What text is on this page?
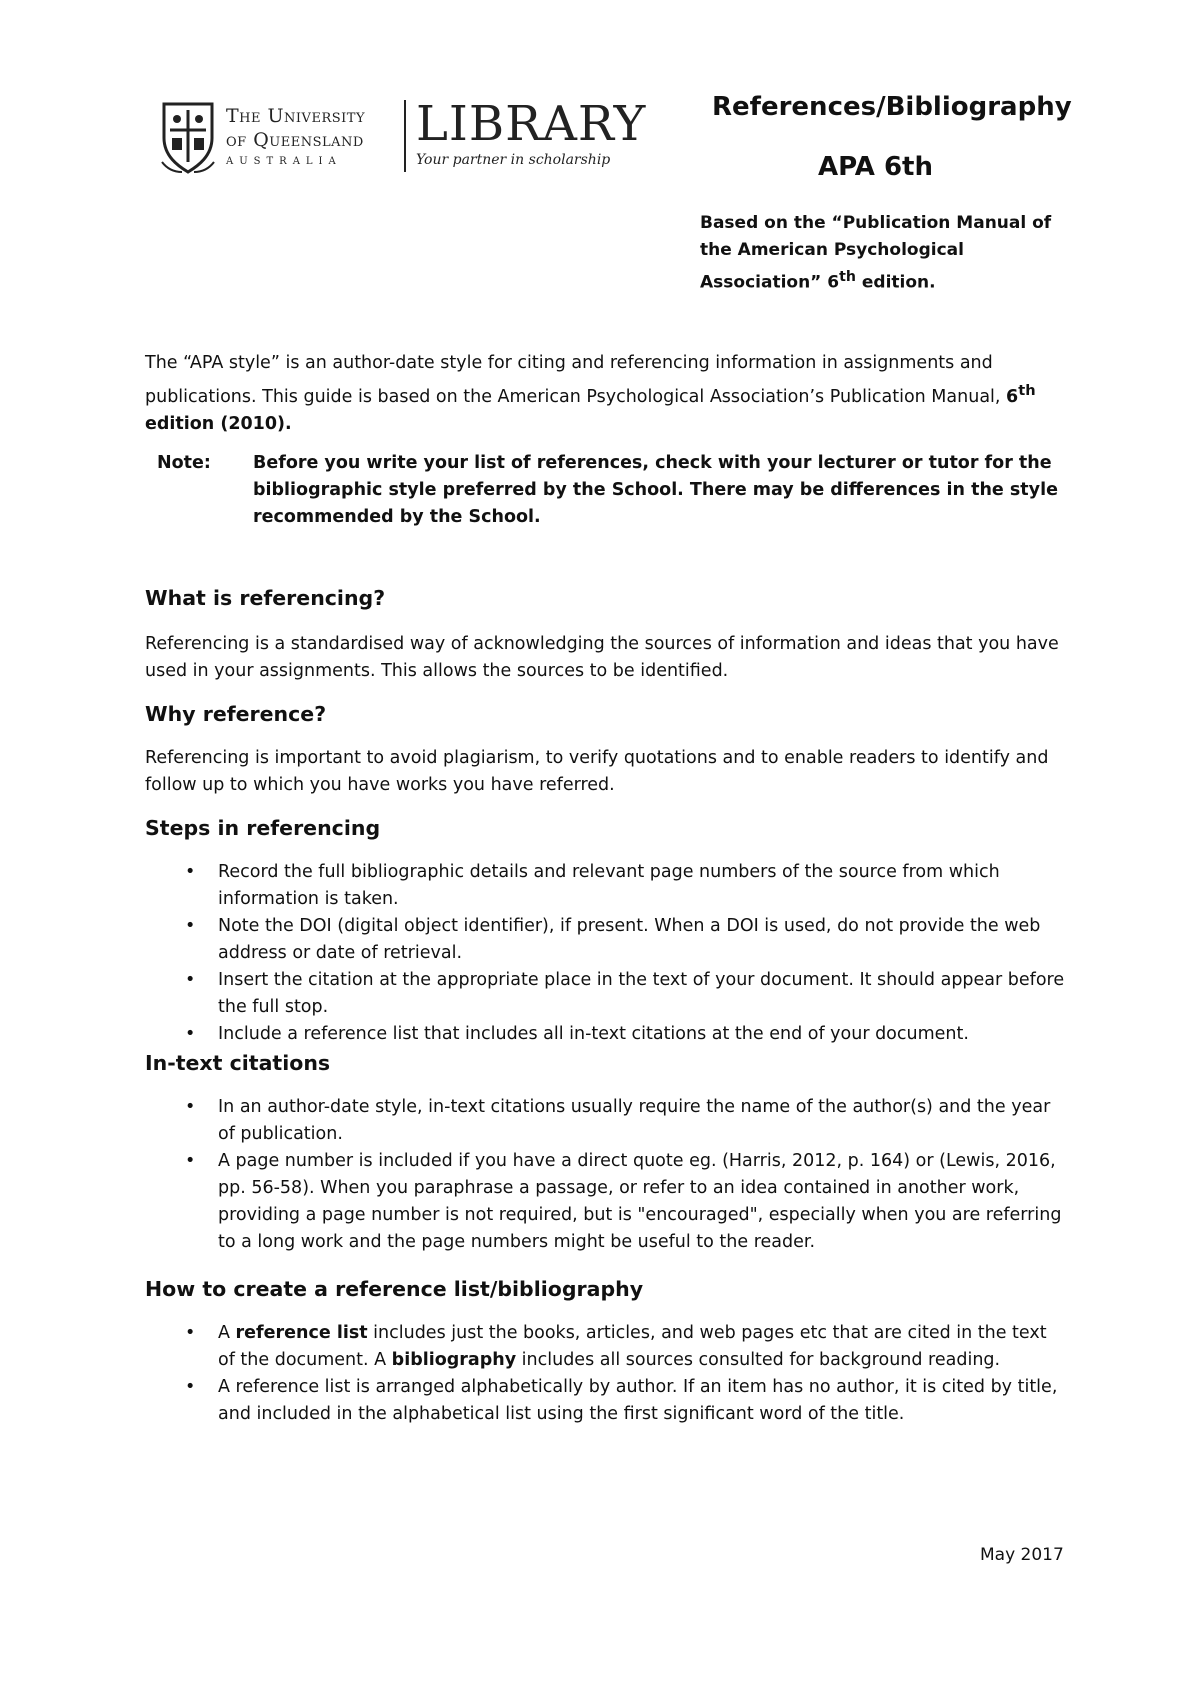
The University
of Queensland
AUSTRALIA
LIBRARY
Your partner in scholarship
References/Bibliography
APA 6th
Based on the “Publication Manual of the American Psychological Association” 6th edition.

The “APA style” is an author-date style for citing and referencing information in assignments and publications. This guide is based on the American Psychological Association’s Publication Manual, 6th edition (2010).

Note:	Before you write your list of references, check with your lecturer or tutor for the bibliographic style preferred by the School. There may be differences in the style recommended by the School.
What is referencing?

Referencing is a standardised way of acknowledging the sources of information and ideas that you have used in your assignments. This allows the sources to be identified.

Why reference?

Referencing is important to avoid plagiarism, to verify quotations and to enable readers to identify and follow up to which you have works you have referred.

Steps in referencing
• Record the full bibliographic details and relevant page numbers of the source from which information is taken.
• Note the DOI (digital object identifier), if present. When a DOI is used, do not provide the web address or date of retrieval.
• Insert the citation at the appropriate place in the text of your document. It should appear before the full stop.
• Include a reference list that includes all in-text citations at the end of your document.
In-text citations
• In an author-date style, in-text citations usually require the name of the author(s) and the year of publication.
• A page number is included if you have a direct quote eg. (Harris, 2012, p. 164) or (Lewis, 2016, pp. 56-58). When you paraphrase a passage, or refer to an idea contained in another work, providing a page number is not required, but is "encouraged", especially when you are referring to a long work and the page numbers might be useful to the reader.
How to create a reference list/bibliography
• A reference list includes just the books, articles, and web pages etc that are cited in the text of the document. A bibliography includes all sources consulted for background reading.
• A reference list is arranged alphabetically by author. If an item has no author, it is cited by title, and included in the alphabetical list using the first significant word of the title.
May 2017
